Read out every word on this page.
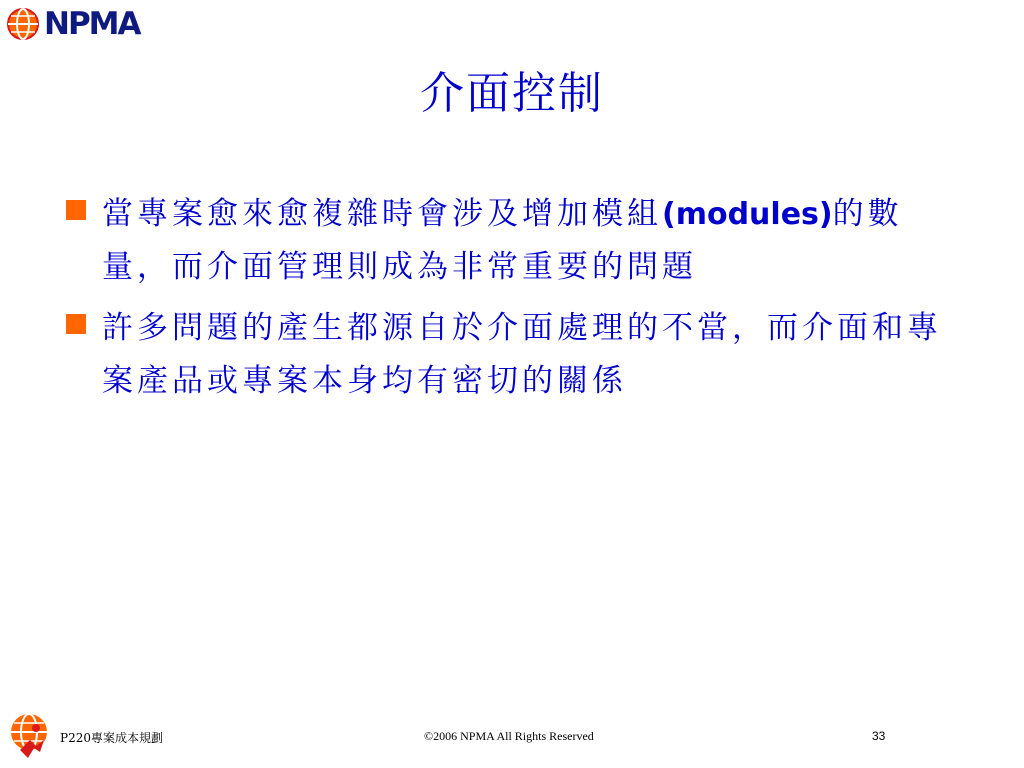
NPMA
介面控制
當專案愈來愈複雜時會涉及增加模組(modules)的數量，而介面管理則成為非常重要的問題
許多問題的產生都源自於介面處理的不當，而介面和專案產品或專案本身均有密切的關係
P220專案成本規劃	©2006 NPMA All Rights Reserved	33
